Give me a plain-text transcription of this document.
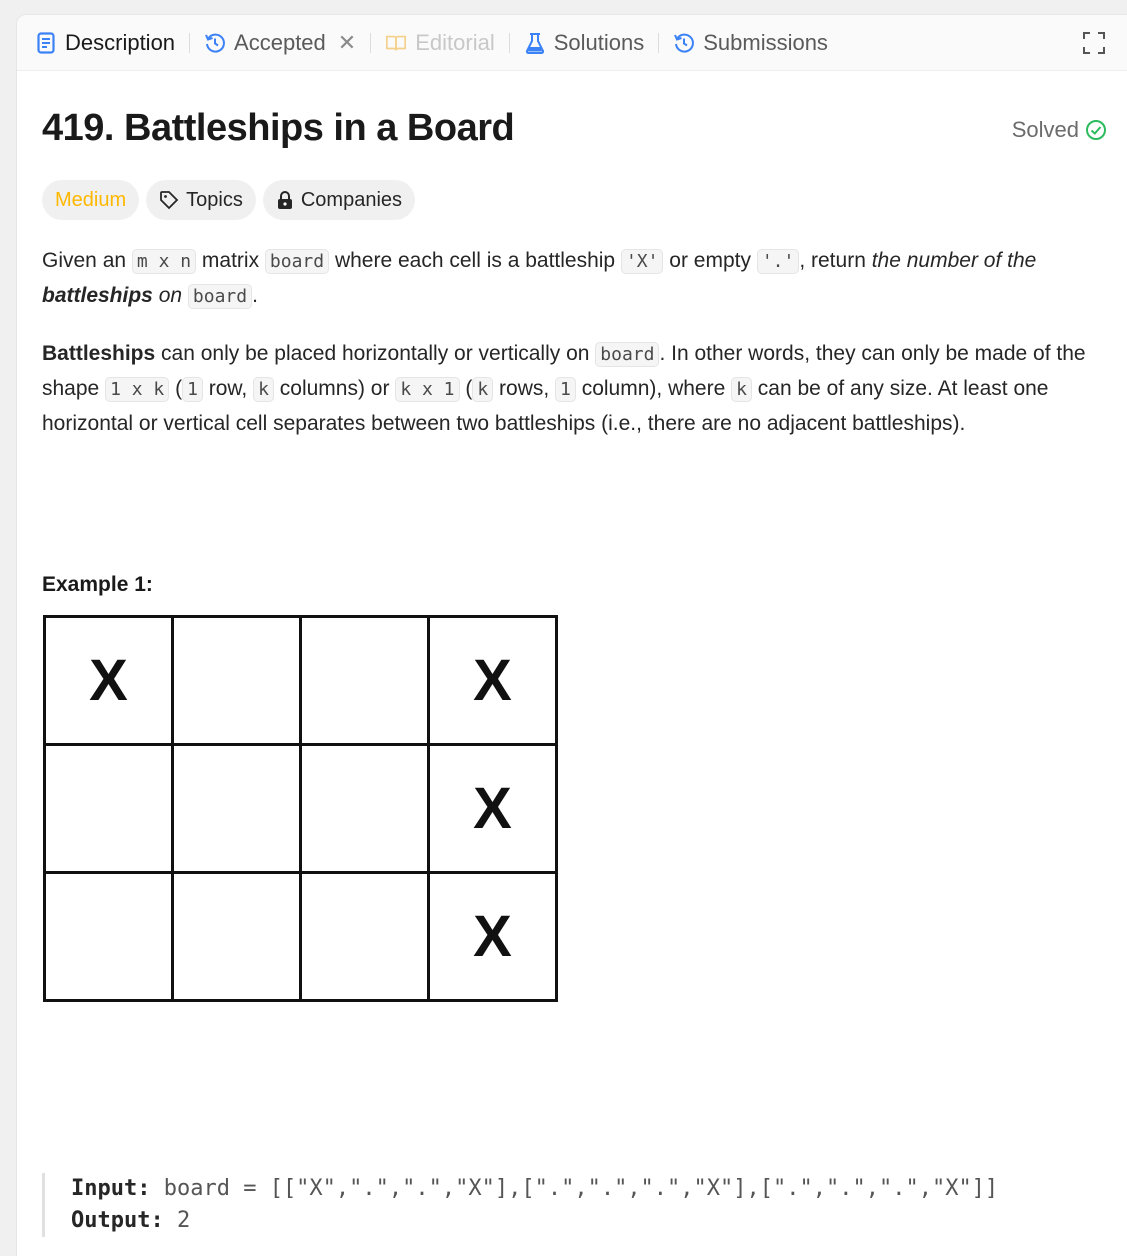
Description	Accepted ✕	Editorial	Solutions	Submissions
419. Battleships in a Board	Solved
Medium	Topics	Companies
Given an m x n matrix board where each cell is a battleship 'X' or empty '.' , return the number of the battleships on board .
Battleships can only be placed horizontally or vertically on board . In other words, they can only be made of the shape 1 x k ( 1 row, k columns) or k x 1 ( k rows, 1 column), where k can be of any size. At least one horizontal or vertical cell separates between two battleships (i.e., there are no adjacent battleships).
Example 1:
X			X
			X
			X
Input: board = [["X",".",".","X"],[".",".",".","X"],[".",".",".","X"]]
Output: 2
